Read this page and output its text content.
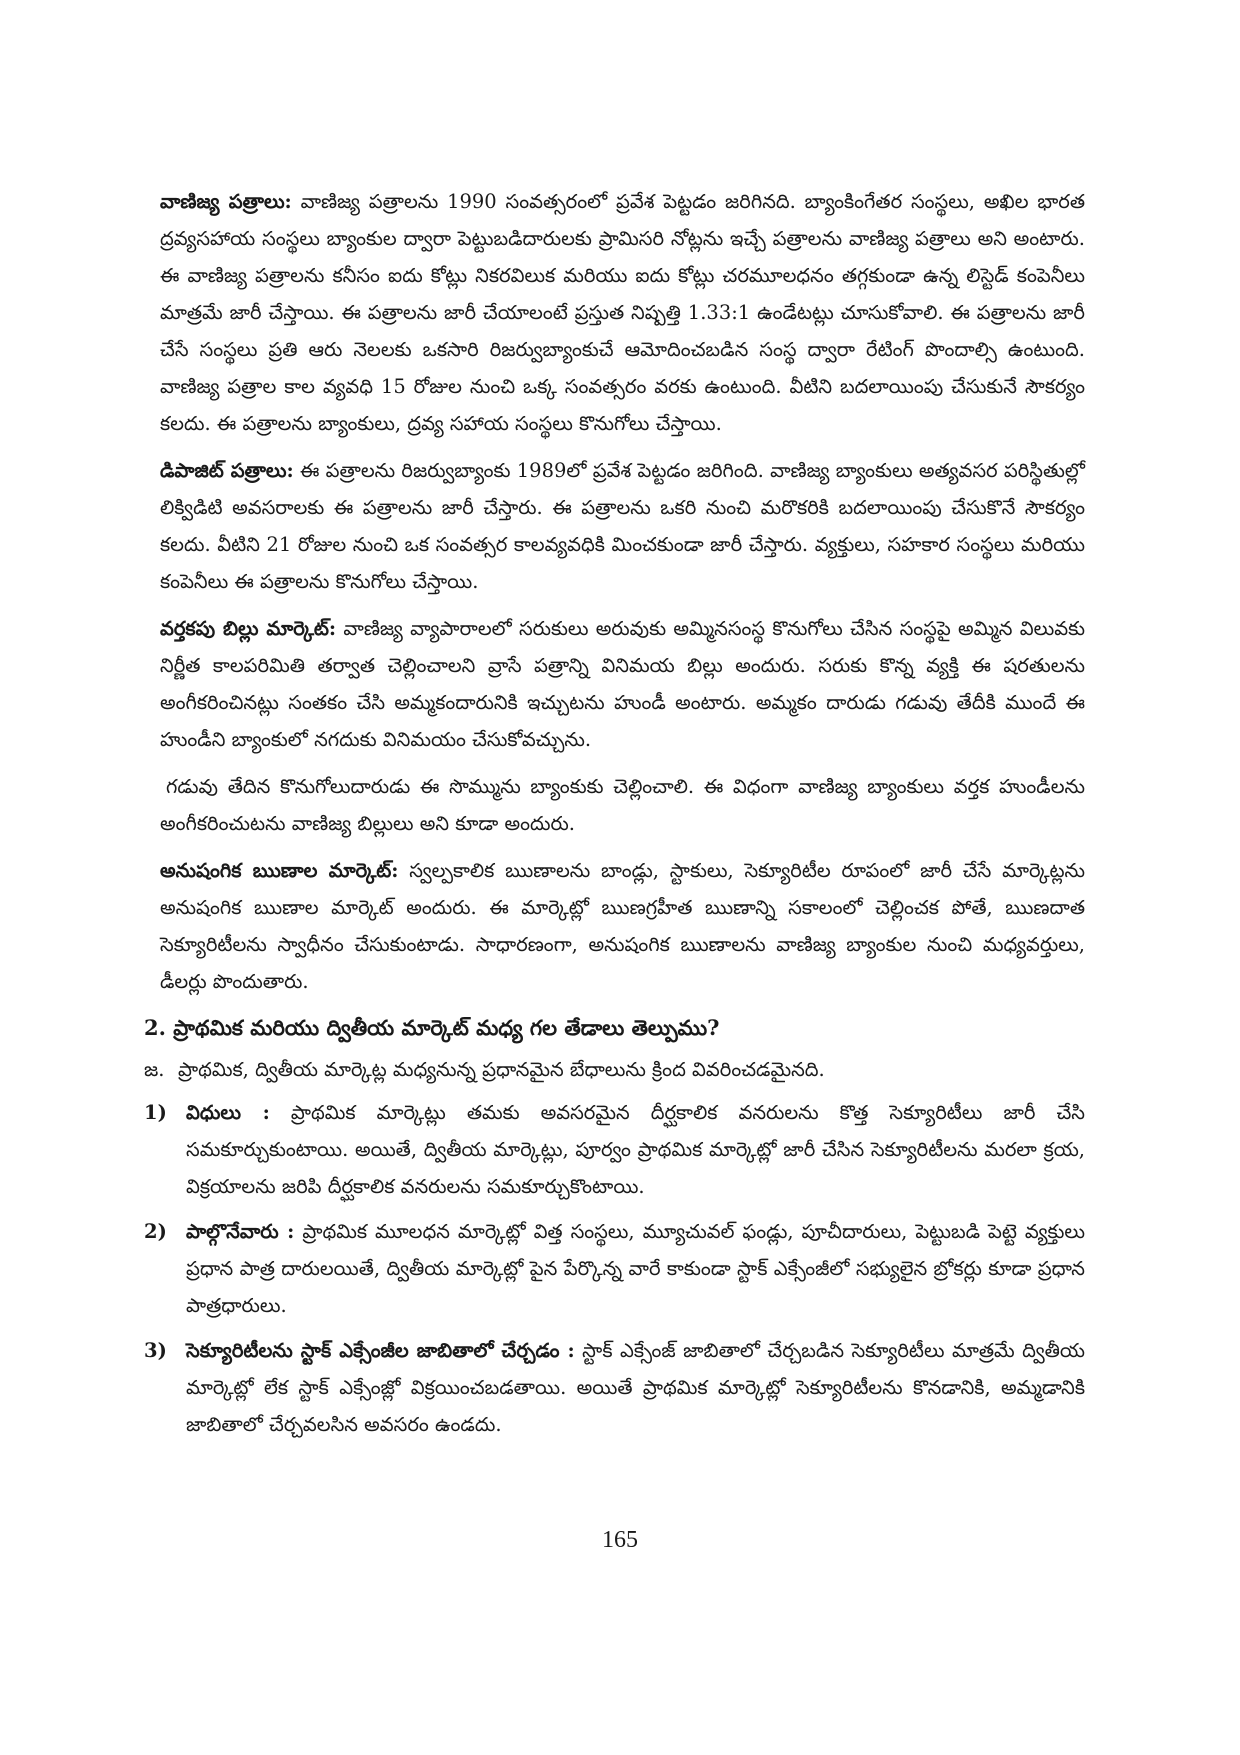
వాణిజ్య పత్రాలు: వాణిజ్య పత్రాలను 1990 సంవత్సరంలో ప్రవేశ పెట్టడం జరిగినది. బ్యాంకింగేతర సంస్థలు, అఖిల భారత ద్రవ్యసహాయ సంస్థలు బ్యాంకుల ద్వారా పెట్టుబడిదారులకు ప్రామిసరి నోట్లను ఇచ్చే పత్రాలను వాణిజ్య పత్రాలు అని అంటారు. ఈ వాణిజ్య పత్రాలను కనీసం ఐదు కోట్లు నికరవిలుక మరియు ఐదు కోట్లు చరమూలధనం తగ్గకుండా ఉన్న లిస్టెడ్ కంపెనీలు మాత్రమే జారీ చేస్తాయి. ఈ పత్రాలను జారీ చేయాలంటే ప్రస్తుత నిష్పత్తి 1.33:1 ఉండేటట్లు చూసుకోవాలి. ఈ పత్రాలను జారీ చేసే సంస్థలు ప్రతి ఆరు నెలలకు ఒకసారి రిజర్వుబ్యాంకుచే ఆమోదించబడిన సంస్థ ద్వారా రేటింగ్ పొందాల్సి ఉంటుంది. వాణిజ్య పత్రాల కాల వ్యవధి 15 రోజుల నుంచి ఒక్క సంవత్సరం వరకు ఉంటుంది. వీటిని బదలాయింపు చేసుకునే సౌకర్యం కలదు. ఈ పత్రాలను బ్యాంకులు, ద్రవ్య సహాయ సంస్థలు కొనుగోలు చేస్తాయి.

డిపాజిట్ పత్రాలు: ఈ పత్రాలను రిజర్వుబ్యాంకు 1989లో ప్రవేశ పెట్టడం జరిగింది. వాణిజ్య బ్యాంకులు అత్యవసర పరిస్థితుల్లో లిక్విడిటి అవసరాలకు ఈ పత్రాలను జారీ చేస్తారు. ఈ పత్రాలను ఒకరి నుంచి మరొకరికి బదలాయింపు చేసుకొనే సౌకర్యం కలదు. వీటిని 21 రోజుల నుంచి ఒక సంవత్సర కాలవ్యవధికి మించకుండా జారీ చేస్తారు. వ్యక్తులు, సహకార సంస్థలు మరియు కంపెనీలు ఈ పత్రాలను కొనుగోలు చేస్తాయి.

వర్తకపు బిల్లు మార్కెట్: వాణిజ్య వ్యాపారాలలో సరుకులు అరువుకు అమ్మినసంస్థ కొనుగోలు చేసిన సంస్థపై అమ్మిన విలువకు నిర్ణీత కాలపరిమితి తర్వాత చెల్లించాలని వ్రాసే పత్రాన్ని వినిమయ బిల్లు అందురు. సరుకు కొన్న వ్యక్తి ఈ షరతులను అంగీకరించినట్లు సంతకం చేసి అమ్మకందారునికి ఇచ్చుటను హుండీ అంటారు. అమ్మకం దారుడు గడువు తేదీకి ముందే ఈ హుండీని బ్యాంకులో నగదుకు వినిమయం చేసుకోవచ్చును.

గడువు తేదిన కొనుగోలుదారుడు ఈ సొమ్మును బ్యాంకుకు చెల్లించాలి. ఈ విధంగా వాణిజ్య బ్యాంకులు వర్తక హుండీలను అంగీకరించుటను వాణిజ్య బిల్లులు అని కూడా అందురు.

అనుషంగిక ఋణాల మార్కెట్: స్వల్పకాలిక ఋణాలను బాండ్లు, స్టాకులు, సెక్యూరిటీల రూపంలో జారీ చేసే మార్కెట్లను అనుషంగిక ఋణాల మార్కెట్ అందురు. ఈ మార్కెట్లో ఋణగ్రహీత ఋణాన్ని సకాలంలో చెల్లించక పోతే, ఋణదాత సెక్యూరిటీలను స్వాధీనం చేసుకుంటాడు. సాధారణంగా, అనుషంగిక ఋణాలను వాణిజ్య బ్యాంకుల నుంచి మధ్యవర్తులు, డీలర్లు పొందుతారు.

2. ప్రాథమిక మరియు ద్వితీయ మార్కెట్ మధ్య గల తేడాలు తెల్పుము?
జ. ప్రాథమిక, ద్వితీయ మార్కెట్ల మధ్యనున్న ప్రధానమైన బేధాలును క్రింద వివరించడమైనది.
1) విధులు : ప్రాథమిక మార్కెట్లు తమకు అవసరమైన దీర్ఘకాలిక వనరులను కొత్త సెక్యూరిటీలు జారీ చేసి సమకూర్చుకుంటాయి. అయితే, ద్వితీయ మార్కెట్లు, పూర్వం ప్రాథమిక మార్కెట్లో జారీ చేసిన సెక్యూరిటీలను మరలా క్రయ, విక్రయాలను జరిపి దీర్ఘకాలిక వనరులను సమకూర్చుకొంటాయి.

2) పాల్గొనేవారు : ప్రాథమిక మూలధన మార్కెట్లో విత్త సంస్థలు, మ్యూచువల్ ఫండ్లు, పూచీదారులు, పెట్టుబడి పెట్టె వ్యక్తులు ప్రధాన పాత్ర దారులయితే, ద్వితీయ మార్కెట్లో పైన పేర్కొన్న వారే కాకుండా స్టాక్ ఎక్సేంజీలో సభ్యులైన బ్రోకర్లు కూడా ప్రధాన పాత్రధారులు.

3) సెక్యూరిటీలను స్టాక్ ఎక్సేంజీల జాబితాలో చేర్చడం : స్టాక్ ఎక్సేంజ్ జాబితాలో చేర్చబడిన సెక్యూరిటీలు మాత్రమే ద్వితీయ మార్కెట్లో లేక స్టాక్ ఎక్సేంజ్లో విక్రయించబడతాయి. అయితే ప్రాథమిక మార్కెట్లో సెక్యూరిటీలను కొనడానికి, అమ్మడానికి జాబితాలో చేర్చవలసిన అవసరం ఉండదు.

165
